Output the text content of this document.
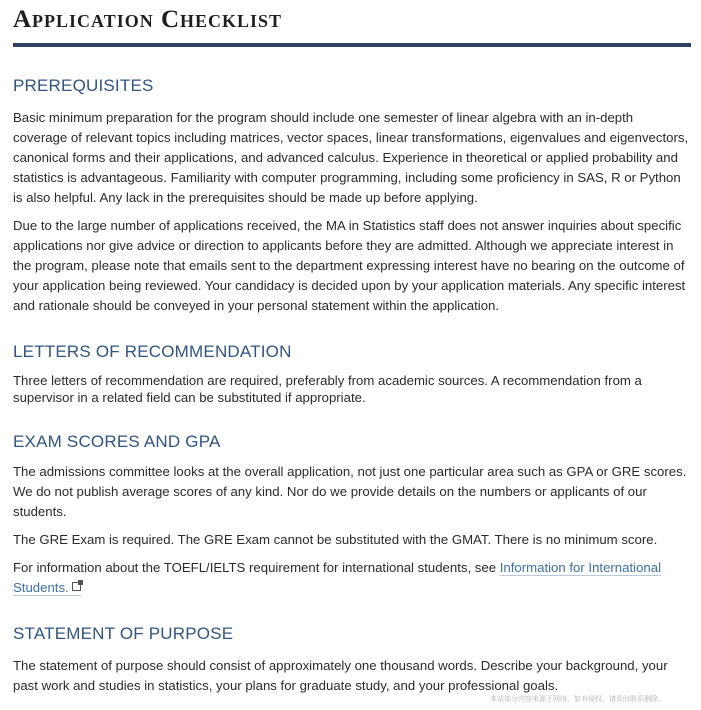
Application Checklist
PREREQUISITES

Basic minimum preparation for the program should include one semester of linear algebra with an in-depth coverage of relevant topics including matrices, vector spaces, linear transformations, eigenvalues and eigenvectors, canonical forms and their applications, and advanced calculus. Experience in theoretical or applied probability and statistics is advantageous. Familiarity with computer programming, including some proficiency in SAS, R or Python is also helpful. Any lack in the prerequisites should be made up before applying.

Due to the large number of applications received, the MA in Statistics staff does not answer inquiries about specific applications nor give advice or direction to applicants before they are admitted. Although we appreciate interest in the program, please note that emails sent to the department expressing interest have no bearing on the outcome of your application being reviewed. Your candidacy is decided upon by your application materials. Any specific interest and rationale should be conveyed in your personal statement within the application.

LETTERS OF RECOMMENDATION

Three letters of recommendation are required, preferably from academic sources. A recommendation from a supervisor in a related field can be substituted if appropriate.

EXAM SCORES AND GPA

The admissions committee looks at the overall application, not just one particular area such as GPA or GRE scores. We do not publish average scores of any kind. Nor do we provide details on the numbers or applicants of our students.

The GRE Exam is required. The GRE Exam cannot be substituted with the GMAT. There is no minimum score.

For information about the TOEFL/IELTS requirement for international students, see Information for International Students.

STATEMENT OF PURPOSE

The statement of purpose should consist of approximately one thousand words. Describe your background, your past work and studies in statistics, your plans for graduate study, and your professional goals.

本站部分内容来源于网络，如有侵权，请及时联系删除。
